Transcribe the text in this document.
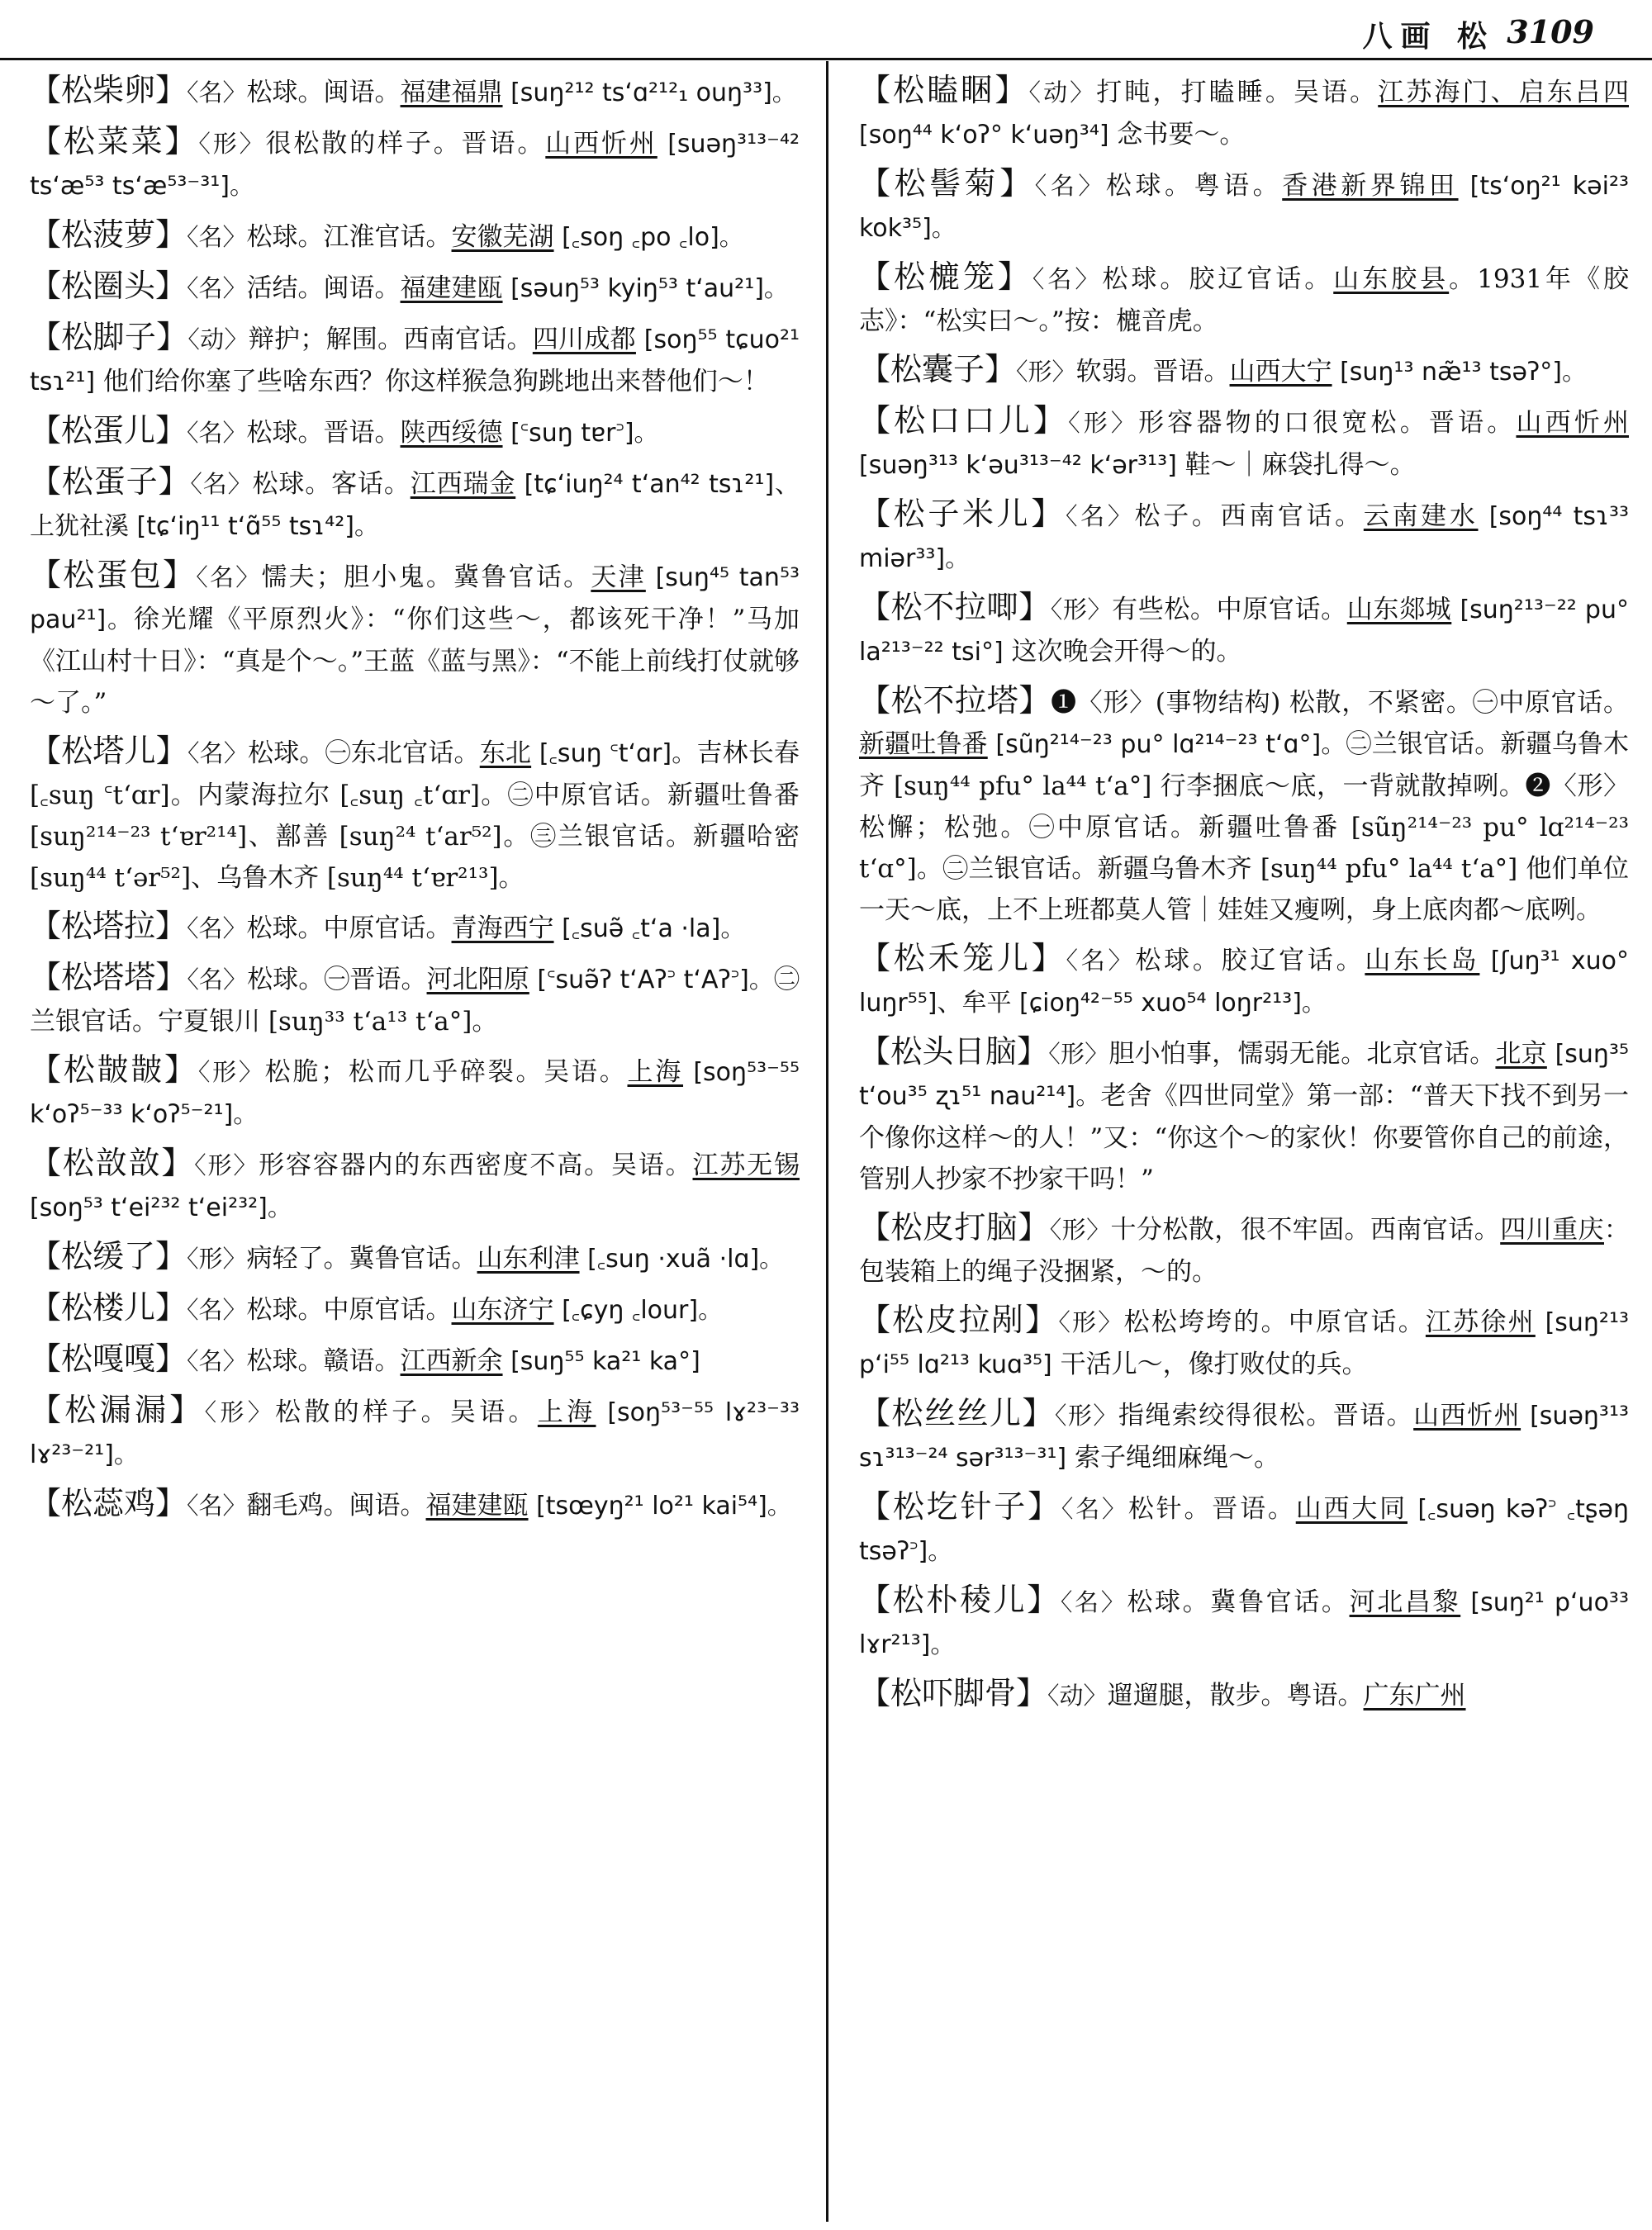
八画 松 3109

【松柴卵】〈名〉松球。闽语。福建福鼎 [suŋ²¹² tsʻɑ²¹²₁ ouŋ³³]。

【松菜菜】〈形〉很松散的样子。晋语。山西忻州 [suəŋ³¹³⁻⁴² tsʻæ⁵³ tsʻæ⁵³⁻³¹]。

【松菠萝】〈名〉松球。江淮官话。安徽芜湖 [꜀soŋ ꜀po ꜀lo]。

【松圈头】〈名〉活结。闽语。福建建瓯 [səuŋ⁵³ kyiŋ⁵³ tʻau²¹]。

【松脚子】〈动〉辩护；解围。西南官话。四川成都 [soŋ⁵⁵ tɕuo²¹ tsɿ²¹] 他们给你塞了些啥东西？你这样猴急狗跳地出来替他们～！

【松蛋儿】〈名〉松球。晋语。陕西绥德 [꜂suŋ tɐr꜄]。

【松蛋子】〈名〉松球。客话。江西瑞金 [tɕʻiuŋ²⁴ tʻan⁴² tsɿ²¹]、上犹社溪 [tɕʻiŋ¹¹ tʻɑ̃⁵⁵ tsɿ⁴²]。

【松蛋包】〈名〉懦夫；胆小鬼。冀鲁官话。天津 [suŋ⁴⁵ tan⁵³ pau²¹]。徐光耀《平原烈火》：“你们这些～，都该死干净！”马加《江山村十日》：“真是个～。”王蓝《蓝与黑》：“不能上前线打仗就够～了。”

【松塔儿】〈名〉松球。㊀东北官话。东北 [꜀suŋ ꜂tʻɑr]。吉林长春 [꜀suŋ ꜂tʻɑr]。内蒙海拉尔 [꜀suŋ ꜀tʻɑr]。㊁中原官话。新疆吐鲁番 [suŋ²¹⁴⁻²³ tʻɐr²¹⁴]、鄯善 [suŋ²⁴ tʻar⁵²]。㊂兰银官话。新疆哈密 [suŋ⁴⁴ tʻər⁵²]、乌鲁木齐 [suŋ⁴⁴ tʻɐr²¹³]。

【松塔拉】〈名〉松球。中原官话。青海西宁 [꜀suə̃ ꜀tʻa ·la]。

【松塔塔】〈名〉松球。㊀晋语。河北阳原 [꜂suə̃ʔ tʻAʔ꜄ tʻAʔ꜄]。㊁兰银官话。宁夏银川 [suŋ³³ tʻa¹³ tʻa°]。

【松皵皵】〈形〉松脆；松而几乎碎裂。吴语。上海 [soŋ⁵³⁻⁵⁵ kʻoʔ⁵⁻³³ kʻoʔ⁵⁻²¹]。

【松敨敨】〈形〉形容容器内的东西密度不高。吴语。江苏无锡 [soŋ⁵³ tʻei²³² tʻei²³²]。

【松缓了】〈形〉病轻了。冀鲁官话。山东利津 [꜀suŋ ·xuã ·lɑ]。

【松楼儿】〈名〉松球。中原官话。山东济宁 [꜀ɕyŋ ꜀lour]。

【松嘎嘎】〈名〉松球。赣语。江西新余 [suŋ⁵⁵ ka²¹ ka°]

【松漏漏】〈形〉松散的样子。吴语。上海 [soŋ⁵³⁻⁵⁵ lɤ²³⁻³³ lɤ²³⁻²¹]。

【松蕊鸡】〈名〉翻毛鸡。闽语。福建建瓯 [tsœyŋ²¹ lo²¹ kai⁵⁴]。

【松瞌睏】〈动〉打盹，打瞌睡。吴语。江苏海门、启东吕四 [soŋ⁴⁴ kʻoʔ° kʻuəŋ³⁴] 念书要～。

【松髻菊】〈名〉松球。粤语。香港新界锦田 [tsʻoŋ²¹ kəi²³ kok³⁵]。

【松樚笼】〈名〉松球。胶辽官话。山东胶县。1931年《胶志》：“松实曰～。”按：樚音虎。

【松囊子】〈形〉软弱。晋语。山西大宁 [suŋ¹³ næ̃¹³ tsəʔ°]。

【松口口儿】〈形〉形容器物的口很宽松。晋语。山西忻州 [suəŋ³¹³ kʻəu³¹³⁻⁴² kʻər³¹³] 鞋～｜麻袋扎得～。

【松子米儿】〈名〉松子。西南官话。云南建水 [soŋ⁴⁴ tsɿ³³ miər³³]。

【松不拉唧】〈形〉有些松。中原官话。山东郯城 [suŋ²¹³⁻²² pu° la²¹³⁻²² tsi°] 这次晚会开得～的。

【松不拉塔】❶〈形〉(事物结构) 松散，不紧密。㊀中原官话。新疆吐鲁番 [sũŋ²¹⁴⁻²³ pu° lɑ²¹⁴⁻²³ tʻɑ°]。㊁兰银官话。新疆乌鲁木齐 [suŋ⁴⁴ pfu° la⁴⁴ tʻa°] 行李捆底～底，一背就散掉咧。❷〈形〉松懈；松弛。㊀中原官话。新疆吐鲁番 [sũŋ²¹⁴⁻²³ pu° lɑ²¹⁴⁻²³ tʻɑ°]。㊁兰银官话。新疆乌鲁木齐 [suŋ⁴⁴ pfu° la⁴⁴ tʻa°] 他们单位一天～底，上不上班都莫人管｜娃娃又瘦咧，身上底肉都～底咧。

【松禾笼儿】〈名〉松球。胶辽官话。山东长岛 [ʃuŋ³¹ xuo° luŋr⁵⁵]、牟平 [ɕioŋ⁴²⁻⁵⁵ xuo⁵⁴ loŋr²¹³]。

【松头日脑】〈形〉胆小怕事，懦弱无能。北京官话。北京 [suŋ³⁵ tʻou³⁵ ʐɿ⁵¹ nau²¹⁴]。老舍《四世同堂》第一部：“普天下找不到另一个像你这样～的人！”又：“你这个～的家伙！你要管你自己的前途，管别人抄家不抄家干吗！”

【松皮打脑】〈形〉十分松散，很不牢固。西南官话。四川重庆：包装箱上的绳子没捆紧，～的。

【松皮拉剐】〈形〉松松垮垮的。中原官话。江苏徐州 [suŋ²¹³ pʻi⁵⁵ lɑ²¹³ kuɑ³⁵] 干活儿～，像打败仗的兵。

【松丝丝儿】〈形〉指绳索绞得很松。晋语。山西忻州 [suəŋ³¹³ sɿ³¹³⁻²⁴ sər³¹³⁻³¹] 索子绳细麻绳～。

【松圪针子】〈名〉松针。晋语。山西大同 [꜀suəŋ kəʔ꜄ ꜀tʂəŋ tsəʔ꜄]。

【松朴稜儿】〈名〉松球。冀鲁官话。河北昌黎 [suŋ²¹ pʻuo³³ lɤr²¹³]。

【松吓脚骨】〈动〉遛遛腿，散步。粤语。广东广州
